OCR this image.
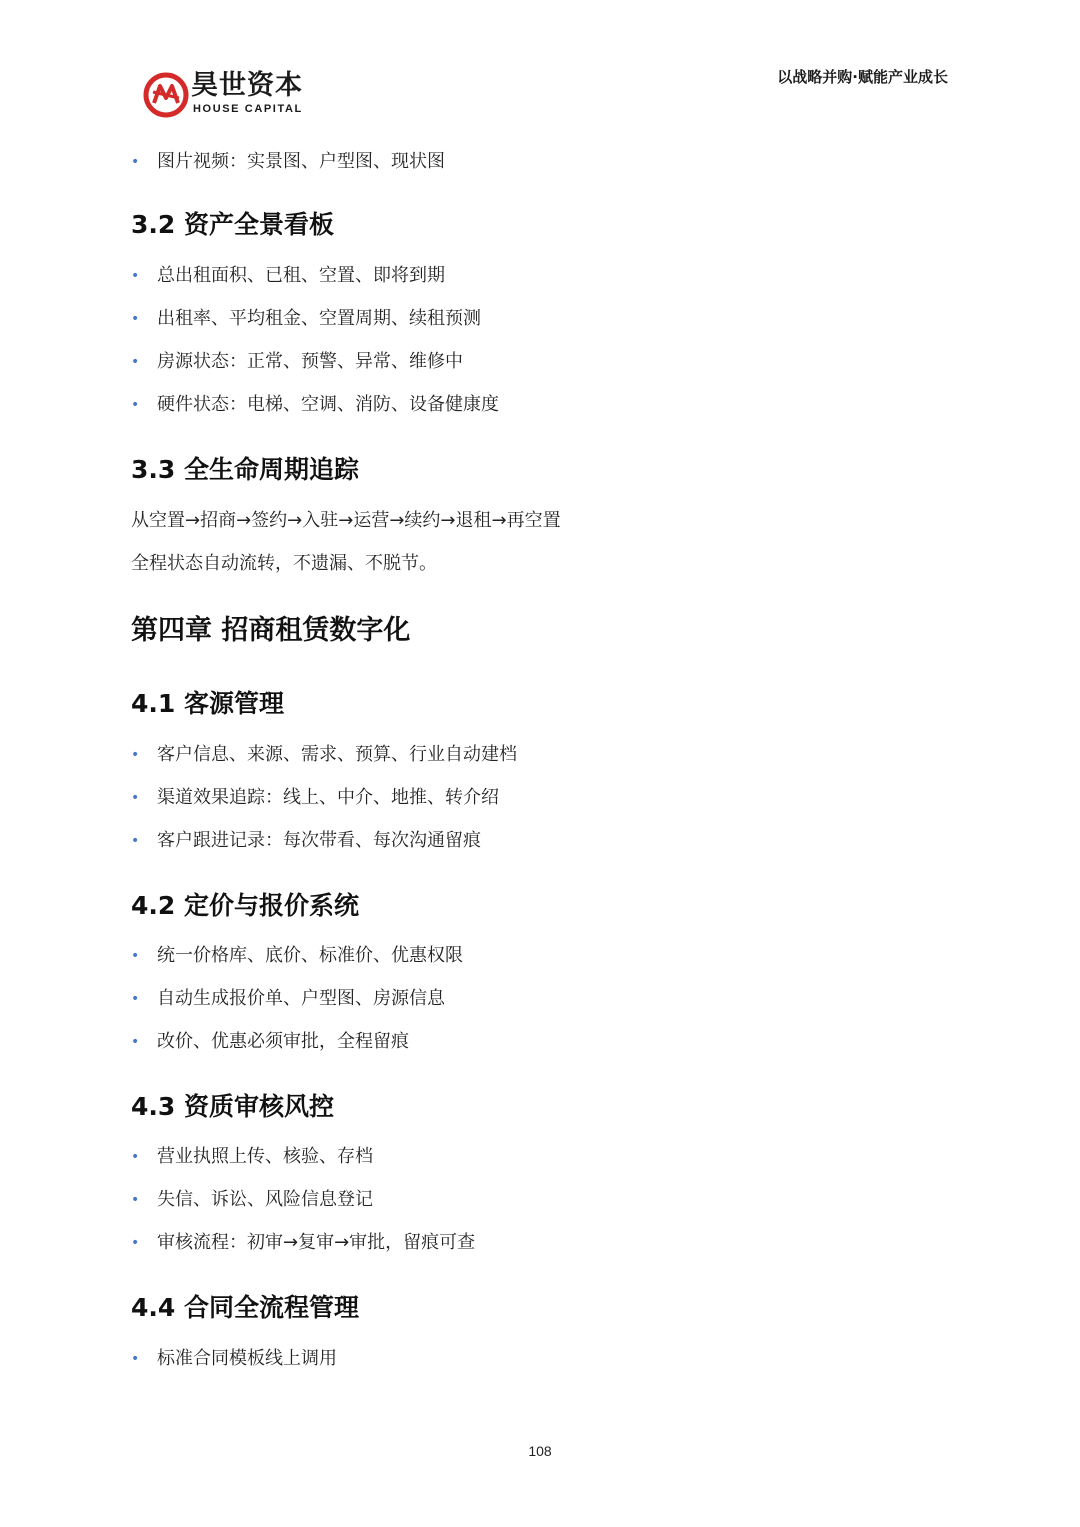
昊世资本
HOUSE CAPITAL
以战略并购·赋能产业成长
• 图片视频：实景图、户型图、现状图
3.2 资产全景看板
• 总出租面积、已租、空置、即将到期
• 出租率、平均租金、空置周期、续租预测
• 房源状态：正常、预警、异常、维修中
• 硬件状态：电梯、空调、消防、设备健康度
3.3 全生命周期追踪
从空置→招商→签约→入驻→运营→续约→退租→再空置
全程状态自动流转，不遗漏、不脱节。
第四章 招商租赁数字化
4.1 客源管理
• 客户信息、来源、需求、预算、行业自动建档
• 渠道效果追踪：线上、中介、地推、转介绍
• 客户跟进记录：每次带看、每次沟通留痕
4.2 定价与报价系统
• 统一价格库、底价、标准价、优惠权限
• 自动生成报价单、户型图、房源信息
• 改价、优惠必须审批，全程留痕
4.3 资质审核风控
• 营业执照上传、核验、存档
• 失信、诉讼、风险信息登记
• 审核流程：初审→复审→审批，留痕可查
4.4 合同全流程管理
• 标准合同模板线上调用
108
